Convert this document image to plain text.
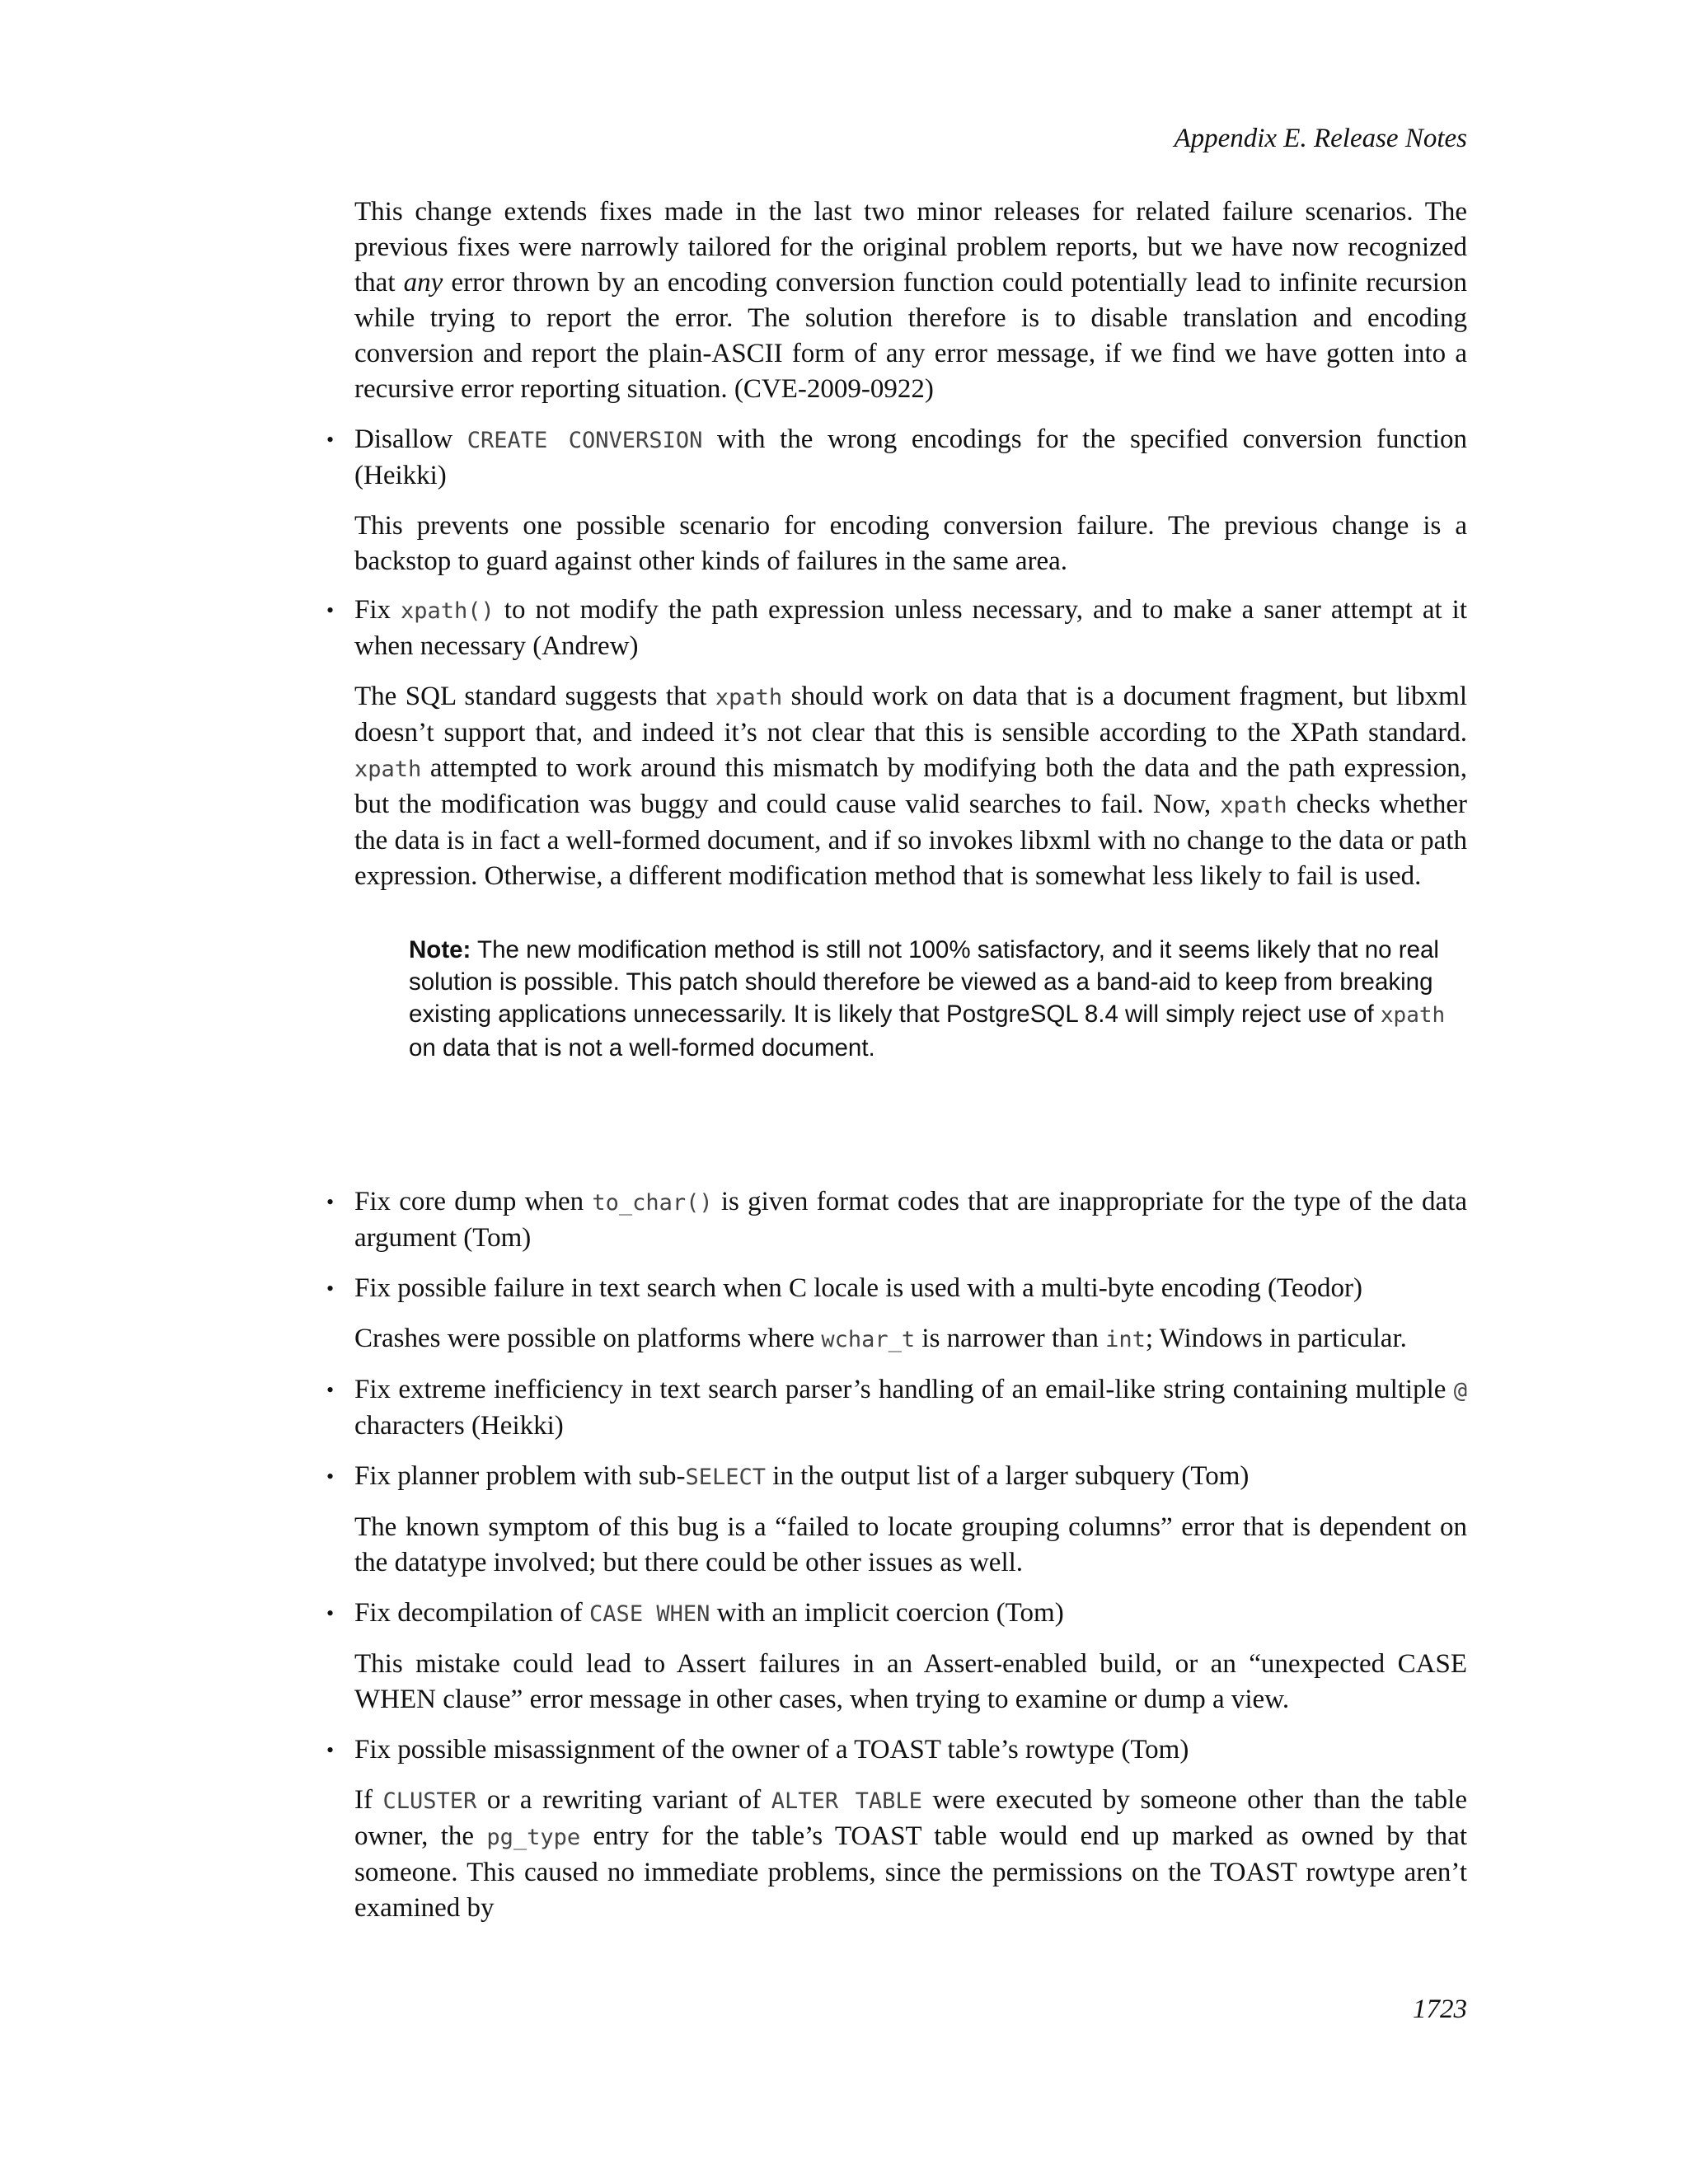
Appendix E. Release Notes

This change extends fixes made in the last two minor releases for related failure scenarios. The previous fixes were narrowly tailored for the original problem reports, but we have now recognized that any error thrown by an encoding conversion function could potentially lead to infinite recursion while trying to report the error. The solution therefore is to disable translation and encoding conversion and report the plain-ASCII form of any error message, if we find we have gotten into a recursive error reporting situation. (CVE-2009-0922)

• Disallow CREATE CONVERSION with the wrong encodings for the specified conversion function (Heikki)

This prevents one possible scenario for encoding conversion failure. The previous change is a backstop to guard against other kinds of failures in the same area.

• Fix xpath() to not modify the path expression unless necessary, and to make a saner attempt at it when necessary (Andrew)

The SQL standard suggests that xpath should work on data that is a document fragment, but libxml doesn’t support that, and indeed it’s not clear that this is sensible according to the XPath standard. xpath attempted to work around this mismatch by modifying both the data and the path expression, but the modification was buggy and could cause valid searches to fail. Now, xpath checks whether the data is in fact a well-formed document, and if so invokes libxml with no change to the data or path expression. Otherwise, a different modification method that is somewhat less likely to fail is used.

Note: The new modification method is still not 100% satisfactory, and it seems likely that no real solution is possible. This patch should therefore be viewed as a band-aid to keep from breaking existing applications unnecessarily. It is likely that PostgreSQL 8.4 will simply reject use of xpath on data that is not a well-formed document.
• Fix core dump when to_char() is given format codes that are inappropriate for the type of the data argument (Tom)
• Fix possible failure in text search when C locale is used with a multi-byte encoding (Teodor)

Crashes were possible on platforms where wchar_t is narrower than int; Windows in particular.

• Fix extreme inefficiency in text search parser’s handling of an email-like string containing multiple @ characters (Heikki)
• Fix planner problem with sub-SELECT in the output list of a larger subquery (Tom)

The known symptom of this bug is a “failed to locate grouping columns” error that is dependent on the datatype involved; but there could be other issues as well.

• Fix decompilation of CASE WHEN with an implicit coercion (Tom)

This mistake could lead to Assert failures in an Assert-enabled build, or an “unexpected CASE WHEN clause” error message in other cases, when trying to examine or dump a view.

• Fix possible misassignment of the owner of a TOAST table’s rowtype (Tom)

If CLUSTER or a rewriting variant of ALTER TABLE were executed by someone other than the table owner, the pg_type entry for the table’s TOAST table would end up marked as owned by that someone. This caused no immediate problems, since the permissions on the TOAST rowtype aren’t examined by

1723
